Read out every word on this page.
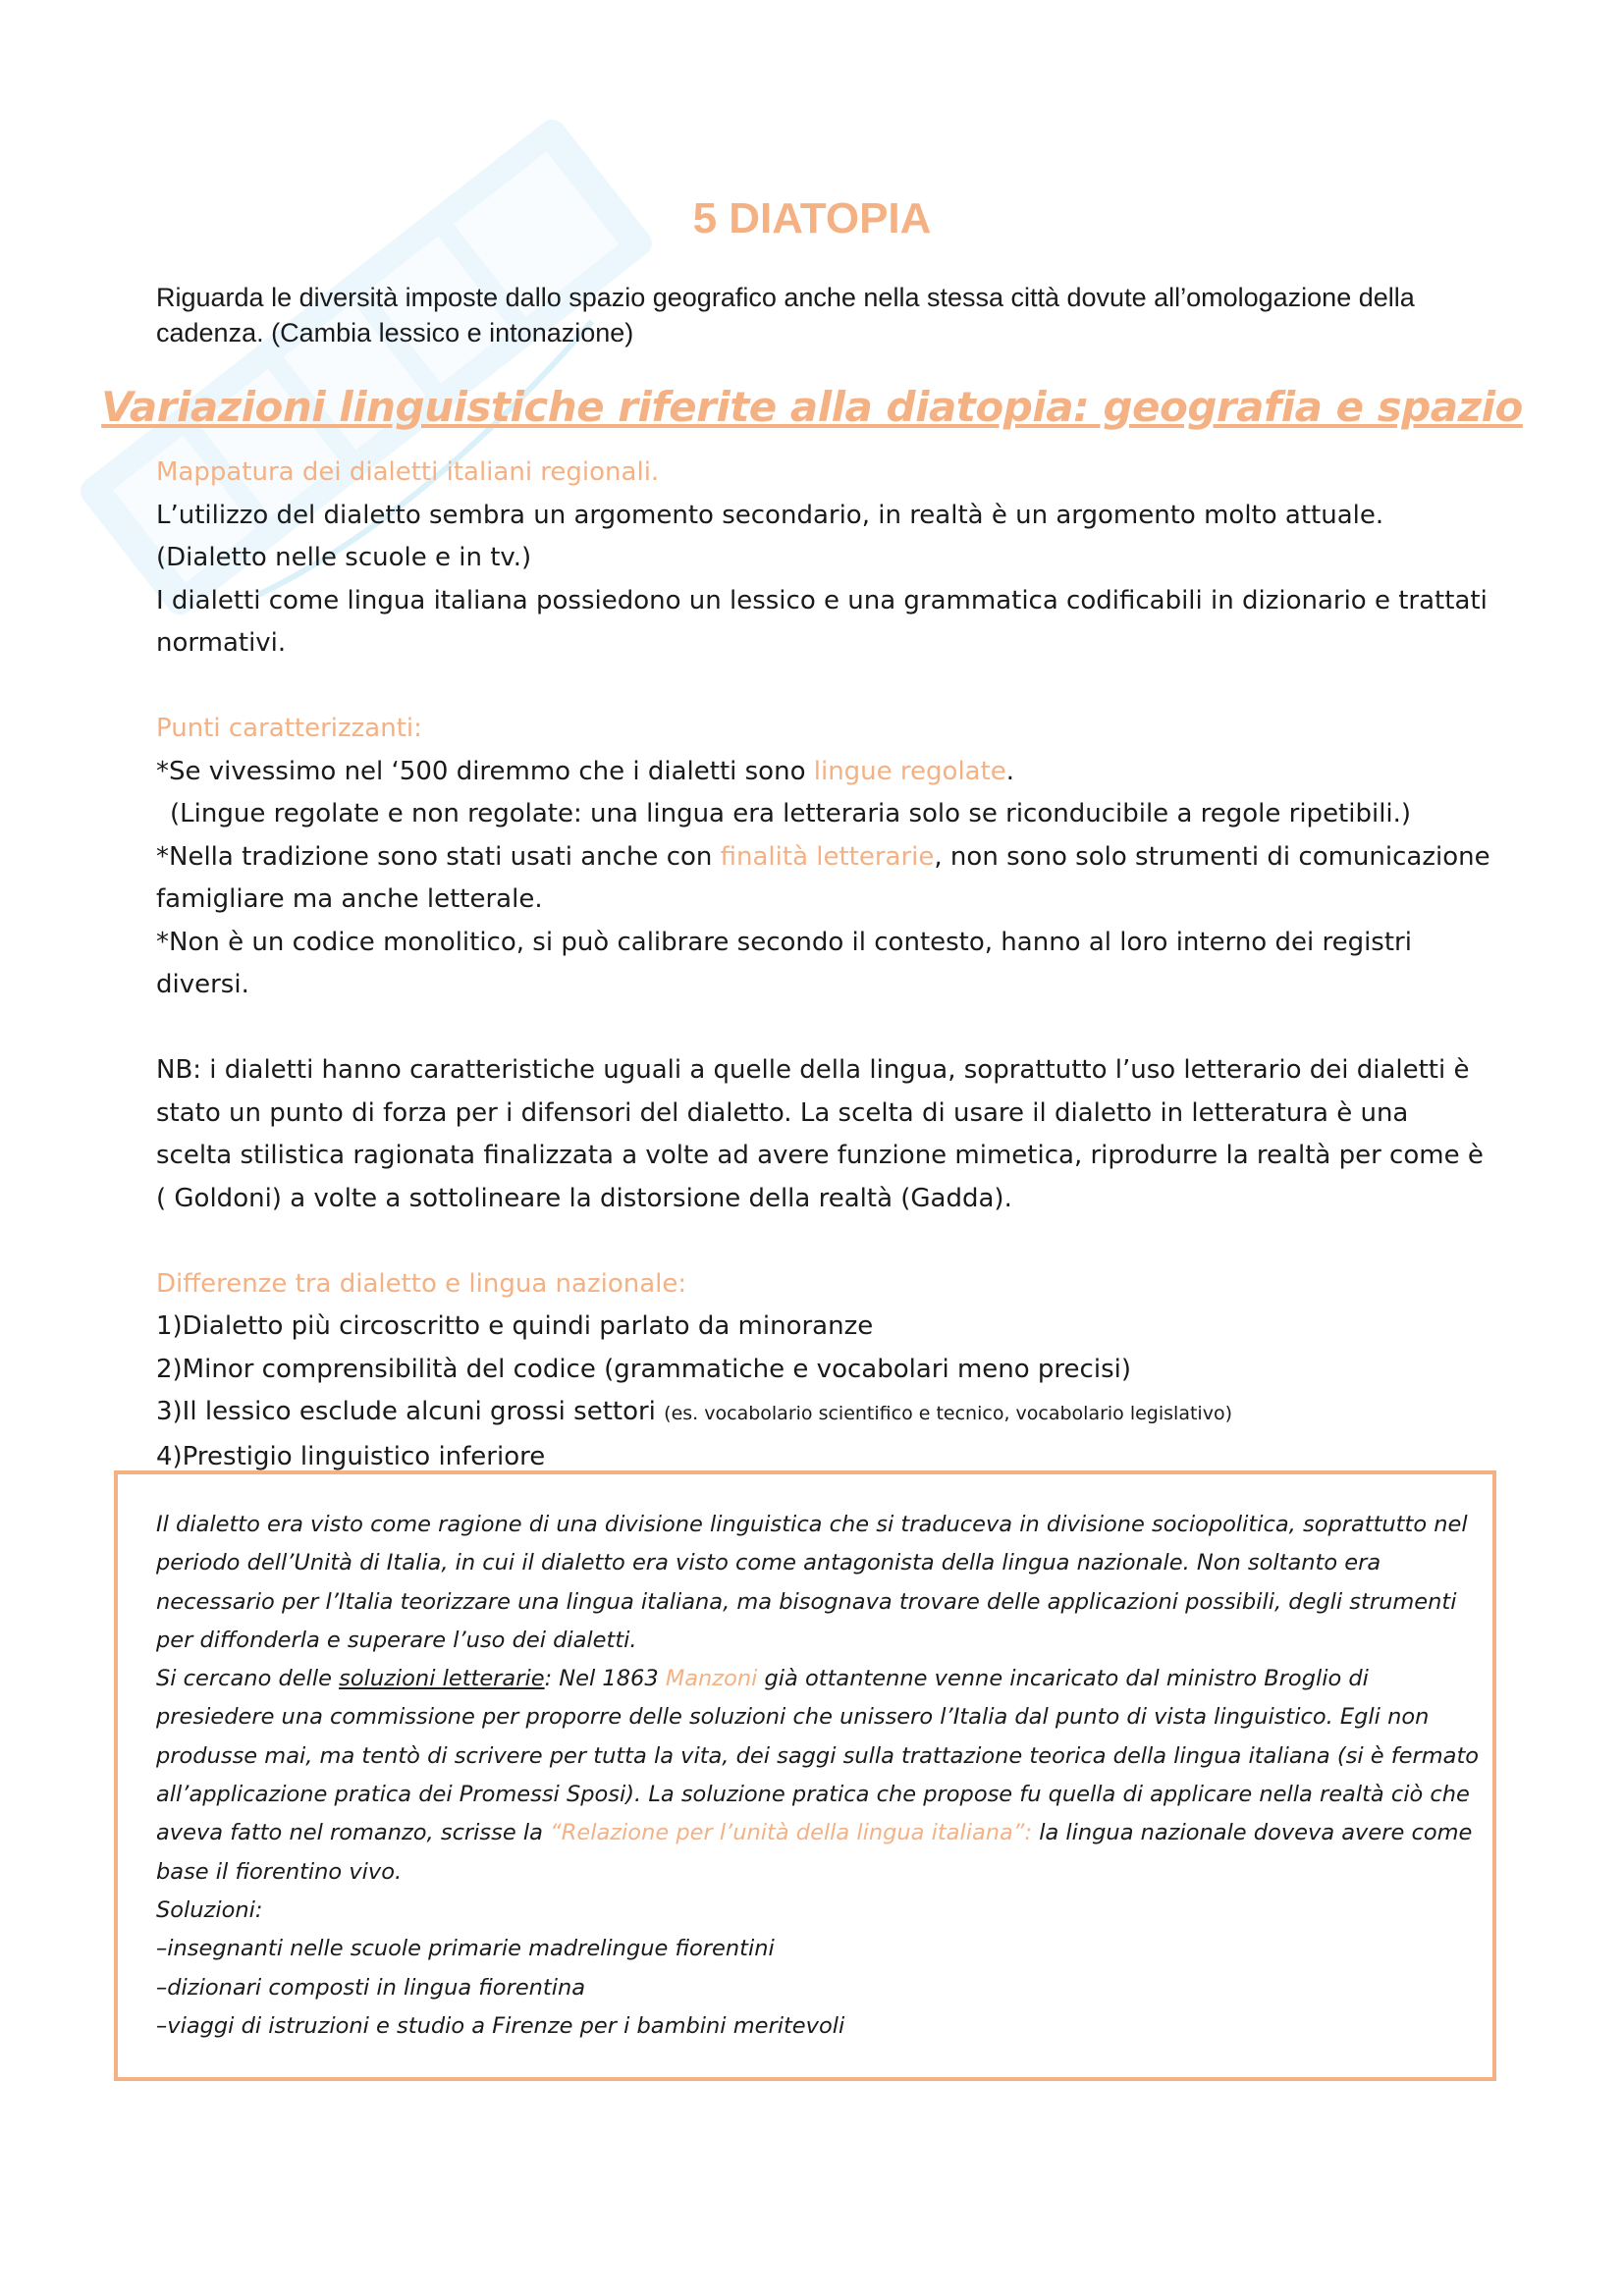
5 DIATOPIA

Riguarda le diversità imposte dallo spazio geografico anche nella stessa città dovute all’omologazione della cadenza. (Cambia lessico e intonazione)

Variazioni linguistiche riferite alla diatopia: geografia e spazio

Mappatura dei dialetti italiani regionali.

L’utilizzo del dialetto sembra un argomento secondario, in realtà è un argomento molto attuale. (Dialetto nelle scuole e in tv.)

I dialetti come lingua italiana possiedono un lessico e una grammatica codificabili in dizionario e trattati normativi.

Punti caratterizzanti:

*Se vivessimo nel ‘500 diremmo che i dialetti sono lingue regolate.

(Lingue regolate e non regolate: una lingua era letteraria solo se riconducibile a regole ripetibili.)

*Nella tradizione sono stati usati anche con finalità letterarie, non sono solo strumenti di comunicazione famigliare ma anche letterale.

*Non è un codice monolitico, si può calibrare secondo il contesto, hanno al loro interno dei registri diversi.

NB: i dialetti hanno caratteristiche uguali a quelle della lingua, soprattutto l’uso letterario dei dialetti è stato un punto di forza per i difensori del dialetto. La scelta di usare il dialetto in letteratura è una scelta stilistica ragionata finalizzata a volte ad avere funzione mimetica, riprodurre la realtà per come è ( Goldoni) a volte a sottolineare la distorsione della realtà (Gadda).

Differenze tra dialetto e lingua nazionale:

1)Dialetto più circoscritto e quindi parlato da minoranze

2)Minor comprensibilità del codice (grammatiche e vocabolari meno precisi)

3)Il lessico esclude alcuni grossi settori (es. vocabolario scientifico e tecnico, vocabolario legislativo)

4)Prestigio linguistico inferiore

Il dialetto era visto come ragione di una divisione linguistica che si traduceva in divisione sociopolitica, soprattutto nel periodo dell’Unità di Italia, in cui il dialetto era visto come antagonista della lingua nazionale. Non soltanto era necessario per l’Italia teorizzare una lingua italiana, ma bisognava trovare delle applicazioni possibili, degli strumenti per diffonderla e superare l’uso dei dialetti.

Si cercano delle soluzioni letterarie: Nel 1863 Manzoni già ottantenne venne incaricato dal ministro Broglio di presiedere una commissione per proporre delle soluzioni che unissero l’Italia dal punto di vista linguistico. Egli non produsse mai, ma tentò di scrivere per tutta la vita, dei saggi sulla trattazione teorica della lingua italiana (si è fermato all’applicazione pratica dei Promessi Sposi). La soluzione pratica che propose fu quella di applicare nella realtà ciò che aveva fatto nel romanzo, scrisse la “Relazione per l’unità della lingua italiana”: la lingua nazionale doveva avere come base il fiorentino vivo.

Soluzioni:

–insegnanti nelle scuole primarie madrelingue fiorentini

–dizionari composti in lingua fiorentina

–viaggi di istruzioni e studio a Firenze per i bambini meritevoli
